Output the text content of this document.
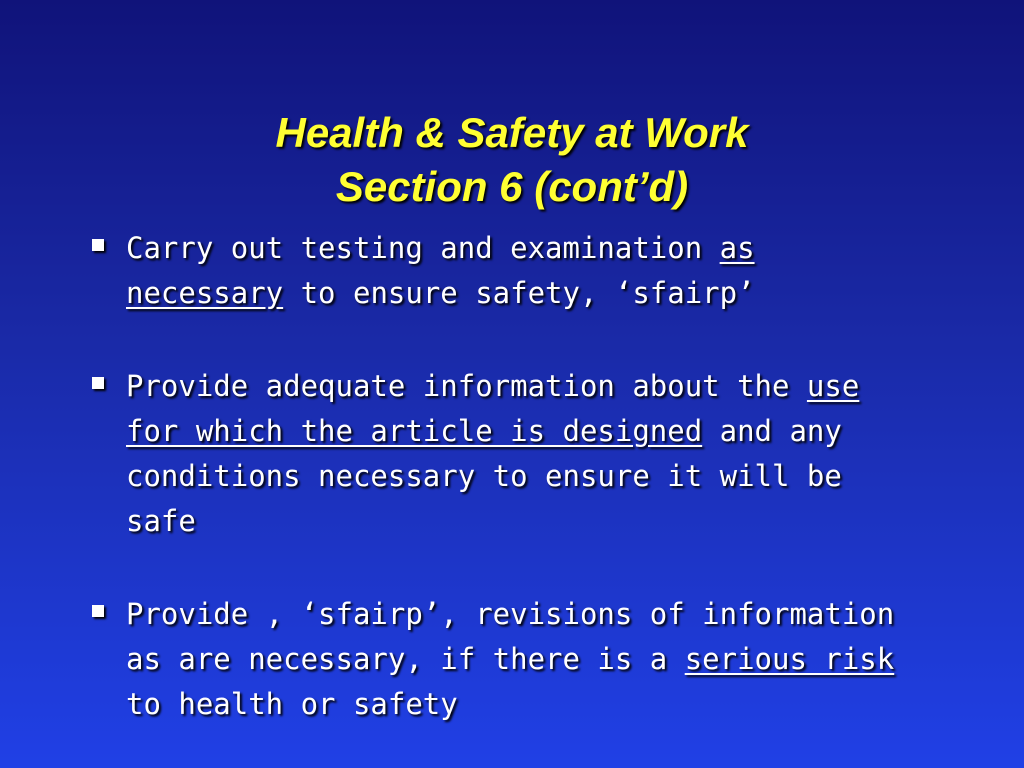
Health & Safety at Work
Section 6 (cont’d)
Carry out testing and examination as necessary to ensure safety, ‘sfairp’
Provide adequate information about the use for which the article is designed and any conditions necessary to ensure it will be safe
Provide , ‘sfairp’, revisions of information as are necessary, if there is a serious risk to health or safety
